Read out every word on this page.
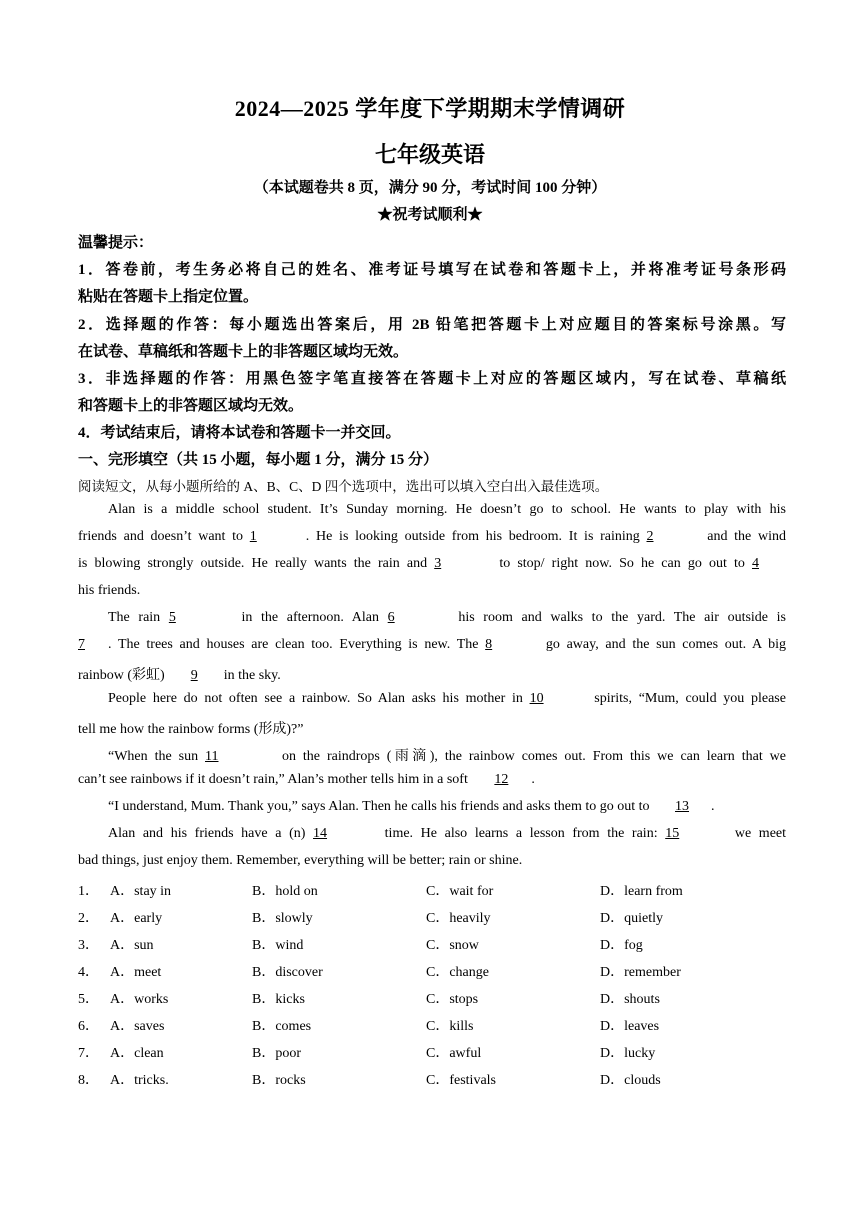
2024—2025 学年度下学期期末学情调研
七年级英语
（本试题卷共 8 页，满分 90 分，考试时间 100 分钟）
★祝考试顺利★
温馨提示：
1．答卷前，考生务必将自己的姓名、准考证号填写在试卷和答题卡上，并将准考证号条形码
粘贴在答题卡上指定位置。
2．选择题的作答：每小题选出答案后，用 2B 铅笔把答题卡上对应题目的答案标号涂黑。写
在试卷、草稿纸和答题卡上的非答题区域均无效。
3．非选择题的作答：用黑色签字笔直接答在答题卡上对应的答题区域内，写在试卷、草稿纸
和答题卡上的非答题区域均无效。
4．考试结束后，请将本试卷和答题卡一并交回。
一、完形填空（共 15 小题，每小题 1 分，满分 15 分）
阅读短文，从每小题所给的 A、B、C、D 四个选项中，选出可以填入空白出入最佳选项。
Alan is a middle school student. It’s Sunday morning. He doesn’t go to school. He wants to play with his
friends and doesn’t want to 1	. He is looking outside from his bedroom. It is raining 2	and the wind
is blowing strongly outside. He really wants the rain and 3	to stop/ right now. So he can go out to 4
his friends.
The rain 5	in the afternoon. Alan 6	his room and walks to the yard. The air outside is
7 . The trees and houses are clean too. Everything is new. The 8	go away, and the sun comes out. A big
rainbow (彩虹) 9 in the sky.
People here do not often see a rainbow. So Alan asks his mother in 10	spirits, “Mum, could you please
tell me how the rainbow forms (形成)?”
“When the sun 11	on the raindrops (雨滴), the rainbow comes out. From this we can learn that we
can’t see rainbows if it doesn’t rain,” Alan’s mother tells him in a soft 12 .
“I understand, Mum. Thank you,” says Alan. Then he calls his friends and asks them to go out to 13 .
Alan and his friends have a (n) 14	time. He also learns a lesson from the rain: 15	we meet
bad things, just enjoy them. Remember, everything will be better; rain or shine.
1． A．stay in	B．hold on	C．wait for	D．learn from
2． A．early	B．slowly	C．heavily	D．quietly
3． A．sun	B．wind	C．snow	D．fog
4． A．meet	B．discover	C．change	D．remember
5． A．works	B．kicks	C．stops	D．shouts
6． A．saves	B．comes	C．kills	D．leaves
7． A．clean	B．poor	C．awful	D．lucky
8． A．tricks.	B．rocks	C．festivals	D．clouds
